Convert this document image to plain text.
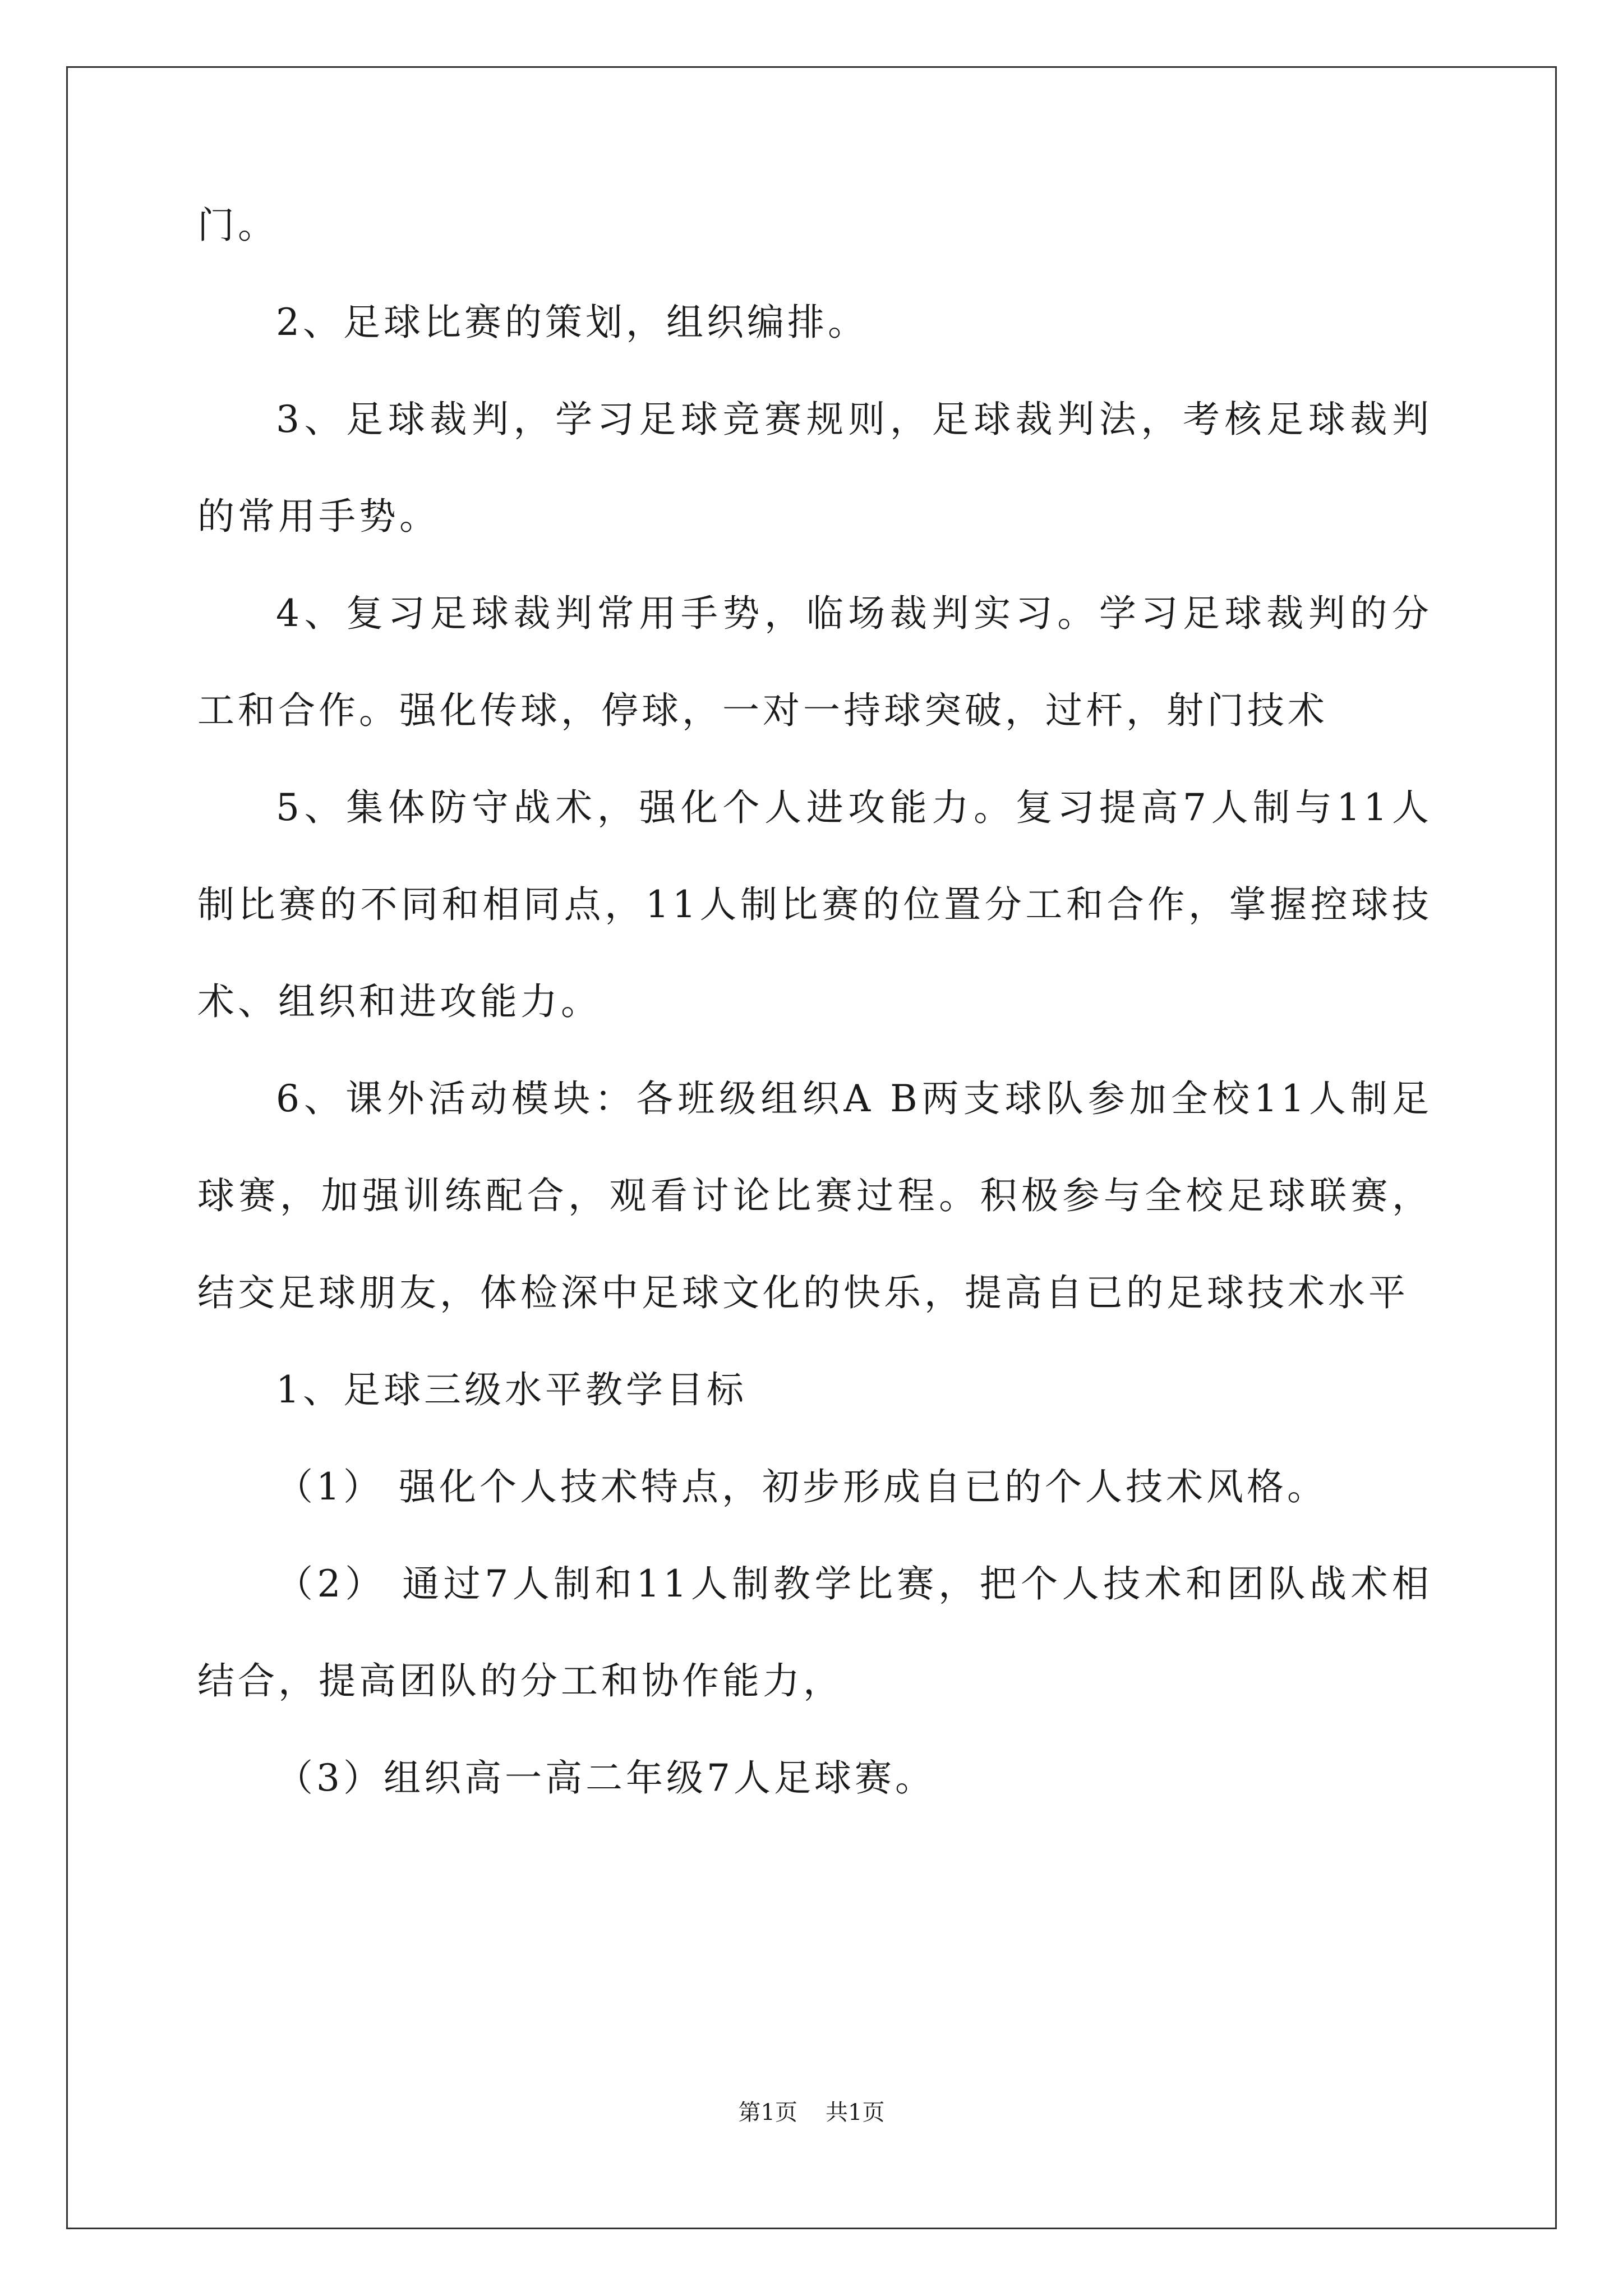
门。

2、足球比赛的策划，组织编排。

3、足球裁判，学习足球竞赛规则，足球裁判法，考核足球裁判的常用手势。

4、复习足球裁判常用手势，临场裁判实习。学习足球裁判的分工和合作。强化传球，停球，一对一持球突破，过杆，射门技术

5、集体防守战术，强化个人进攻能力。复习提高7人制与11人制比赛的不同和相同点，11人制比赛的位置分工和合作，掌握控球技术、组织和进攻能力。

6、课外活动模块：各班级组织A B两支球队参加全校11人制足球赛，加强训练配合，观看讨论比赛过程。积极参与全校足球联赛，结交足球朋友，体检深中足球文化的快乐，提高自已的足球技术水平

1、足球三级水平教学目标

（1） 强化个人技术特点，初步形成自已的个人技术风格。

（2） 通过7人制和11人制教学比赛，把个人技术和团队战术相结合，提高团队的分工和协作能力，

（3）组织高一高二年级7人足球赛。

第1页 共1页
